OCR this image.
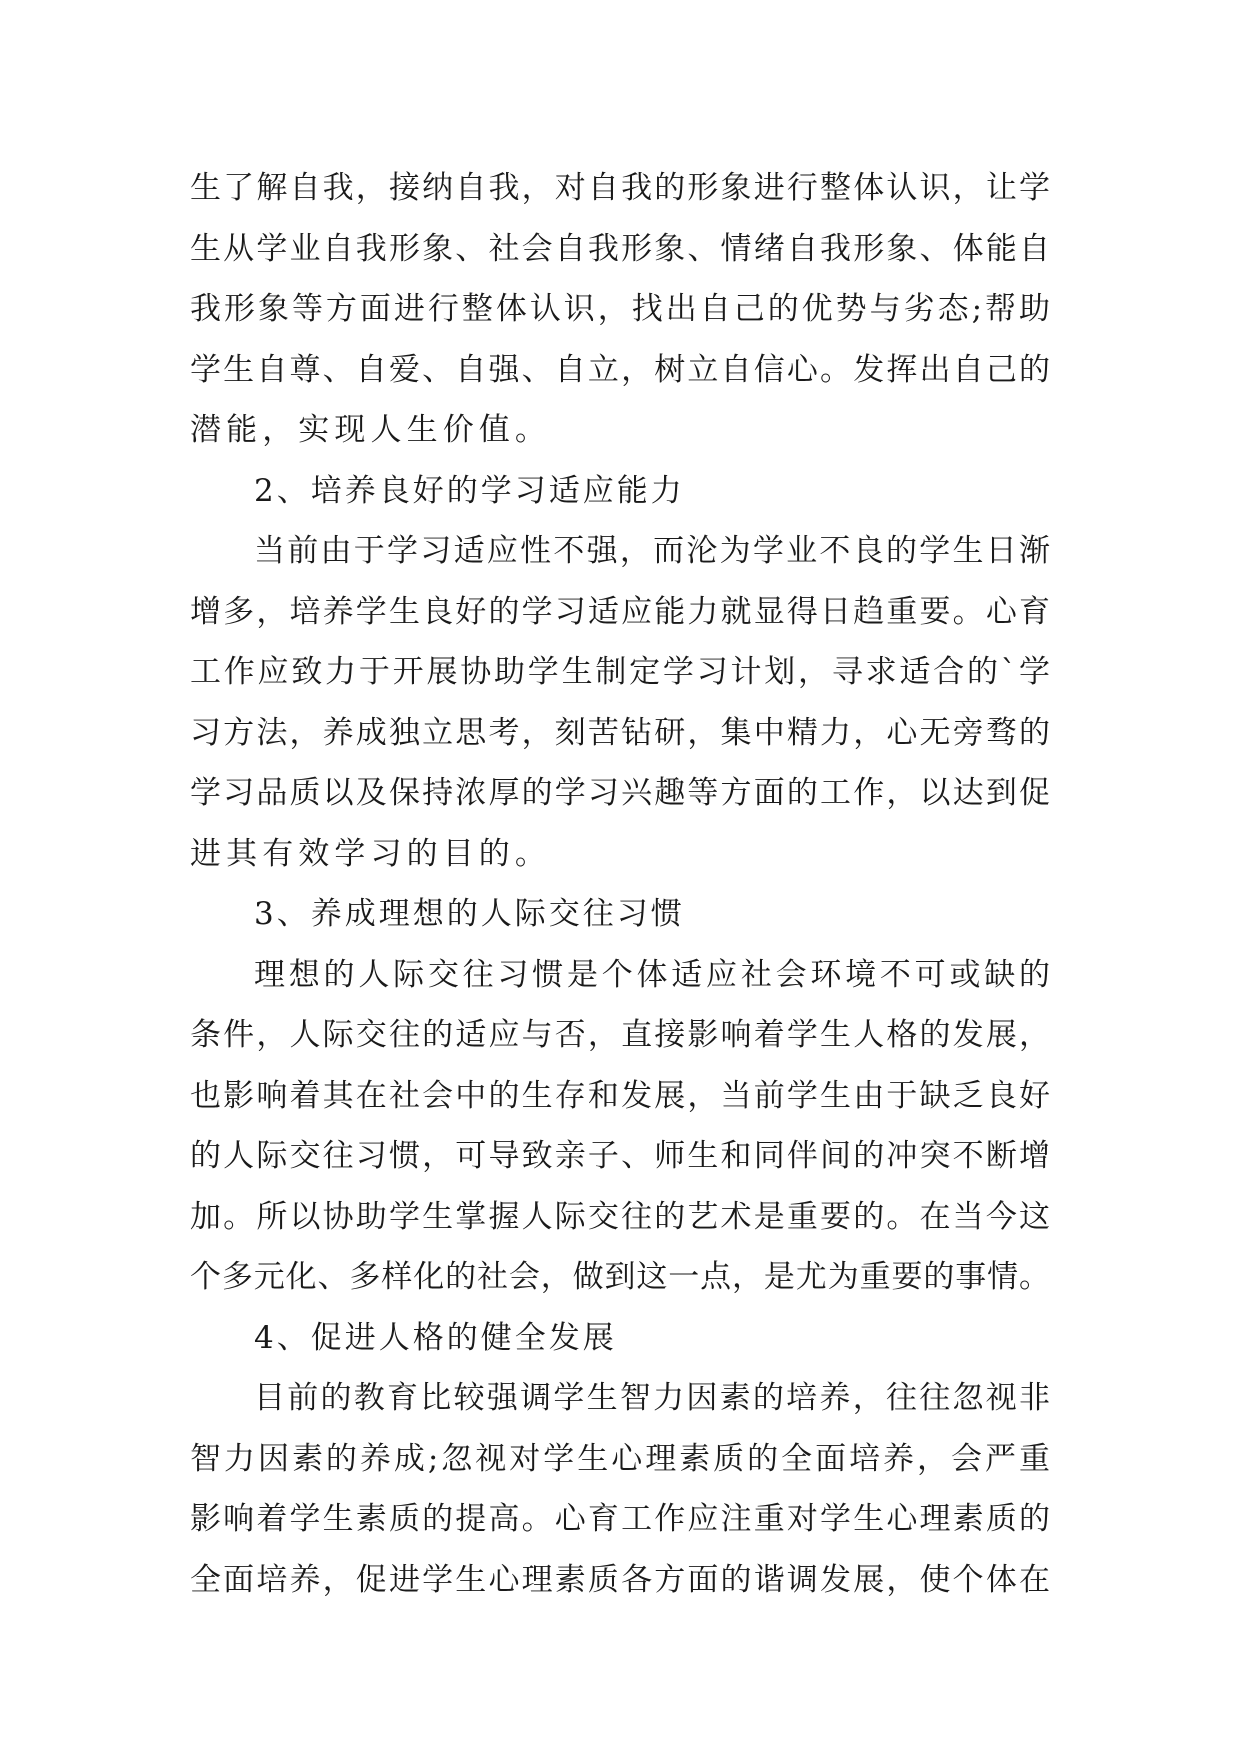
生了解自我，接纳自我，对自我的形象进行整体认识，让学
生从学业自我形象、社会自我形象、情绪自我形象、体能自
我形象等方面进行整体认识，找出自己的优势与劣态;帮助
学生自尊、自爱、自强、自立，树立自信心。发挥出自己的
潜能，实现人生价值。
2、培养良好的学习适应能力
当前由于学习适应性不强，而沦为学业不良的学生日渐
增多，培养学生良好的学习适应能力就显得日趋重要。心育
工作应致力于开展协助学生制定学习计划，寻求适合的`学
习方法，养成独立思考，刻苦钻研，集中精力，心无旁骛的
学习品质以及保持浓厚的学习兴趣等方面的工作，以达到促
进其有效学习的目的。
3、养成理想的人际交往习惯
理想的人际交往习惯是个体适应社会环境不可或缺的
条件，人际交往的适应与否，直接影响着学生人格的发展，
也影响着其在社会中的生存和发展，当前学生由于缺乏良好
的人际交往习惯，可导致亲子、师生和同伴间的冲突不断增
加。所以协助学生掌握人际交往的艺术是重要的。在当今这
个多元化、多样化的社会，做到这一点，是尤为重要的事情。
4、促进人格的健全发展
目前的教育比较强调学生智力因素的培养，往往忽视非
智力因素的养成;忽视对学生心理素质的全面培养，会严重
影响着学生素质的提高。心育工作应注重对学生心理素质的
全面培养，促进学生心理素质各方面的谐调发展，使个体在
